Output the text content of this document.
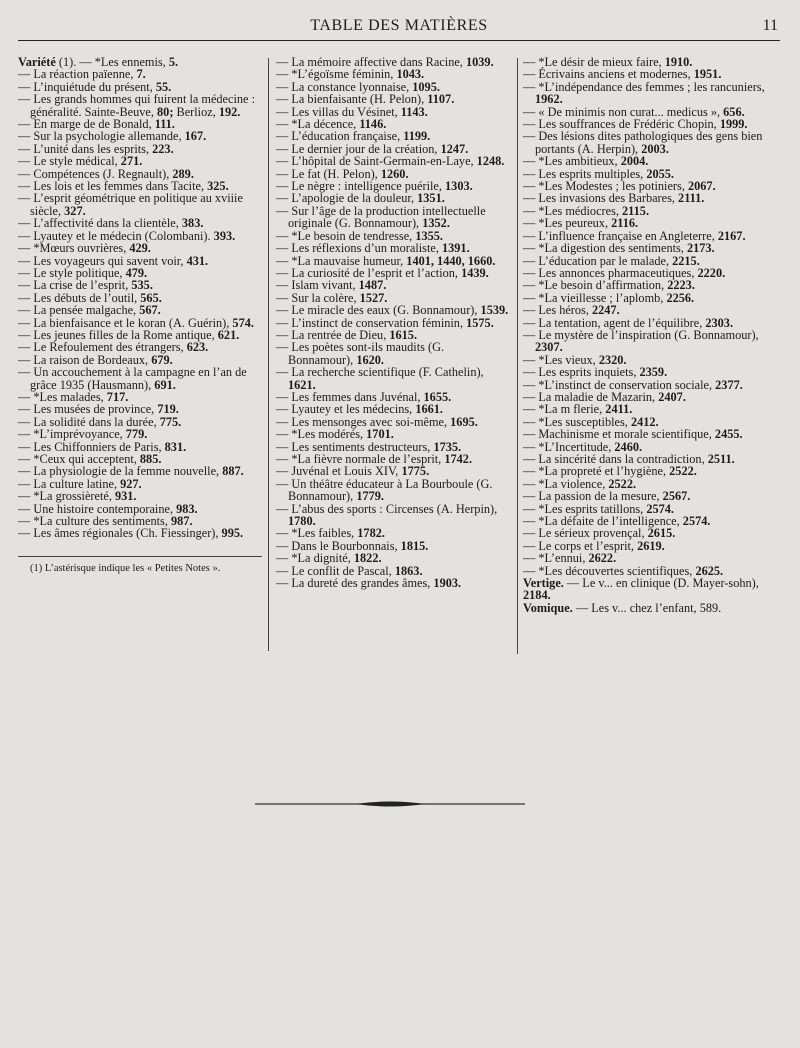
TABLE DES MATIÈRES	11

Variété (1). — *Les ennemis, 5.

— La réaction païenne, 7.

— L’inquiétude du présent, 55.

— Les grands hommes qui fuirent la médecine : généralité. Sainte-Beuve, 80; Berlioz, 192.

— En marge de de Bonald, 111.

— Sur la psychologie allemande, 167.

— L’unité dans les esprits, 223.

— Le style médical, 271.

— Compétences (J. Regnault), 289.

— Les lois et les femmes dans Tacite, 325.

— L’esprit géométrique en politique au xviiie siècle, 327.

— L’affectivité dans la clientèle, 383.

— Lyautey et le médecin (Colombani). 393.

— *Mœurs ouvrières, 429.

— Les voyageurs qui savent voir, 431.

— Le style politique, 479.

— La crise de l’esprit, 535.

— Les débuts de l’outil, 565.

— La pensée malgache, 567.

— La bienfaisance et le koran (A. Guérin), 574.

— Les jeunes filles de la Rome antique, 621.

— Le Refoulement des étrangers, 623.

— La raison de Bordeaux, 679.

— Un accouchement à la campagne en l’an de grâce 1935 (Hausmann), 691.

— *Les malades, 717.

— Les musées de province, 719.

— La solidité dans la durée, 775.

— *L’imprévoyance, 779.

— Les Chiffonniers de Paris, 831.

— *Ceux qui acceptent, 885.

— La physiologie de la femme nouvelle, 887.

— La culture latine, 927.

— *La grossièreté, 931.

— Une histoire contemporaine, 983.

— *La culture des sentiments, 987.

— Les âmes régionales (Ch. Fiessinger), 995.

(1) L’astérisque indique les « Petites Notes ».

— La mémoire affective dans Racine, 1039.

— *L’égoïsme féminin, 1043.

— La constance lyonnaise, 1095.

— La bienfaisante (H. Pelon), 1107.

— Les villas du Vésinet, 1143.

— *La décence, 1146.

— L’éducation française, 1199.

— Le dernier jour de la création, 1247.

— L’hôpital de Saint-Germain-en-Laye, 1248.

— Le fat (H. Pelon), 1260.

— Le nègre : intelligence puérile, 1303.

— L’apologie de la douleur, 1351.

— Sur l’âge de la production intellectuelle originale (G. Bonnamour), 1352.

— *Le besoin de tendresse, 1355.

— Les réflexions d’un moraliste, 1391.

— *La mauvaise humeur, 1401, 1440, 1660.

— La curiosité de l’esprit et l’action, 1439.

— Islam vivant, 1487.

— Sur la colère, 1527.

— Le miracle des eaux (G. Bonnamour), 1539.

— L’instinct de conservation féminin, 1575.

— La rentrée de Dieu, 1615.

— Les poètes sont-ils maudits (G. Bonnamour), 1620.

— La recherche scientifique (F. Cathelin), 1621.

— Les femmes dans Juvénal, 1655.

— Lyautey et les médecins, 1661.

— Les mensonges avec soi-même, 1695.

— *Les modérés, 1701.

— Les sentiments destructeurs, 1735.

— *La fièvre normale de l’esprit, 1742.

— Juvénal et Louis XIV, 1775.

— Un théâtre éducateur à La Bourboule (G. Bonnamour), 1779.

— L’abus des sports : Circenses (A. Herpin), 1780.

— *Les faibles, 1782.

— Dans le Bourbonnais, 1815.

— *La dignité, 1822.

— Le conflit de Pascal, 1863.

— La dureté des grandes âmes, 1903.

— *Le désir de mieux faire, 1910.

— Écrivains anciens et modernes, 1951.

— *L’indépendance des femmes ; les rancuniers, 1962.

— « De minimis non curat... medicus », 656.

— Les souffrances de Frédéric Chopin, 1999.

— Des lésions dites pathologiques des gens bien portants (A. Herpin), 2003.

— *Les ambitieux, 2004.

— Les esprits multiples, 2055.

— *Les Modestes ; les potiniers, 2067.

— Les invasions des Barbares, 2111.

— *Les médiocres, 2115.

— *Les peureux, 2116.

— L’influence française en Angleterre, 2167.

— *La digestion des sentiments, 2173.

— L’éducation par le malade, 2215.

— Les annonces pharmaceutiques, 2220.

— *Le besoin d’affirmation, 2223.

— *La vieillesse ; l’aplomb, 2256.

— Les héros, 2247.

— La tentation, agent de l’équilibre, 2303.

— Le mystère de l’inspiration (G. Bonnamour), 2307.

— *Les vieux, 2320.

— Les esprits inquiets, 2359.

— *L’instinct de conservation sociale, 2377.

— La maladie de Mazarin, 2407.

— *La m flerie, 2411.

— *Les susceptibles, 2412.

— Machinisme et morale scientifique, 2455.

— *L’Incertitude, 2460.

— La sincérité dans la contradiction, 2511.

— *La propreté et l’hygiène, 2522.

— *La violence, 2522.

— La passion de la mesure, 2567.

— *Les esprits tatillons, 2574.

— *La défaite de l’intelligence, 2574.

— Le sérieux provençal, 2615.

— Le corps et l’esprit, 2619.

— *L’ennui, 2622.

— *Les découvertes scientifiques, 2625.

Vertige. — Le v... en clinique (D. Mayer-sohn), 2184.

Vomique. — Les v... chez l’enfant, 589.
